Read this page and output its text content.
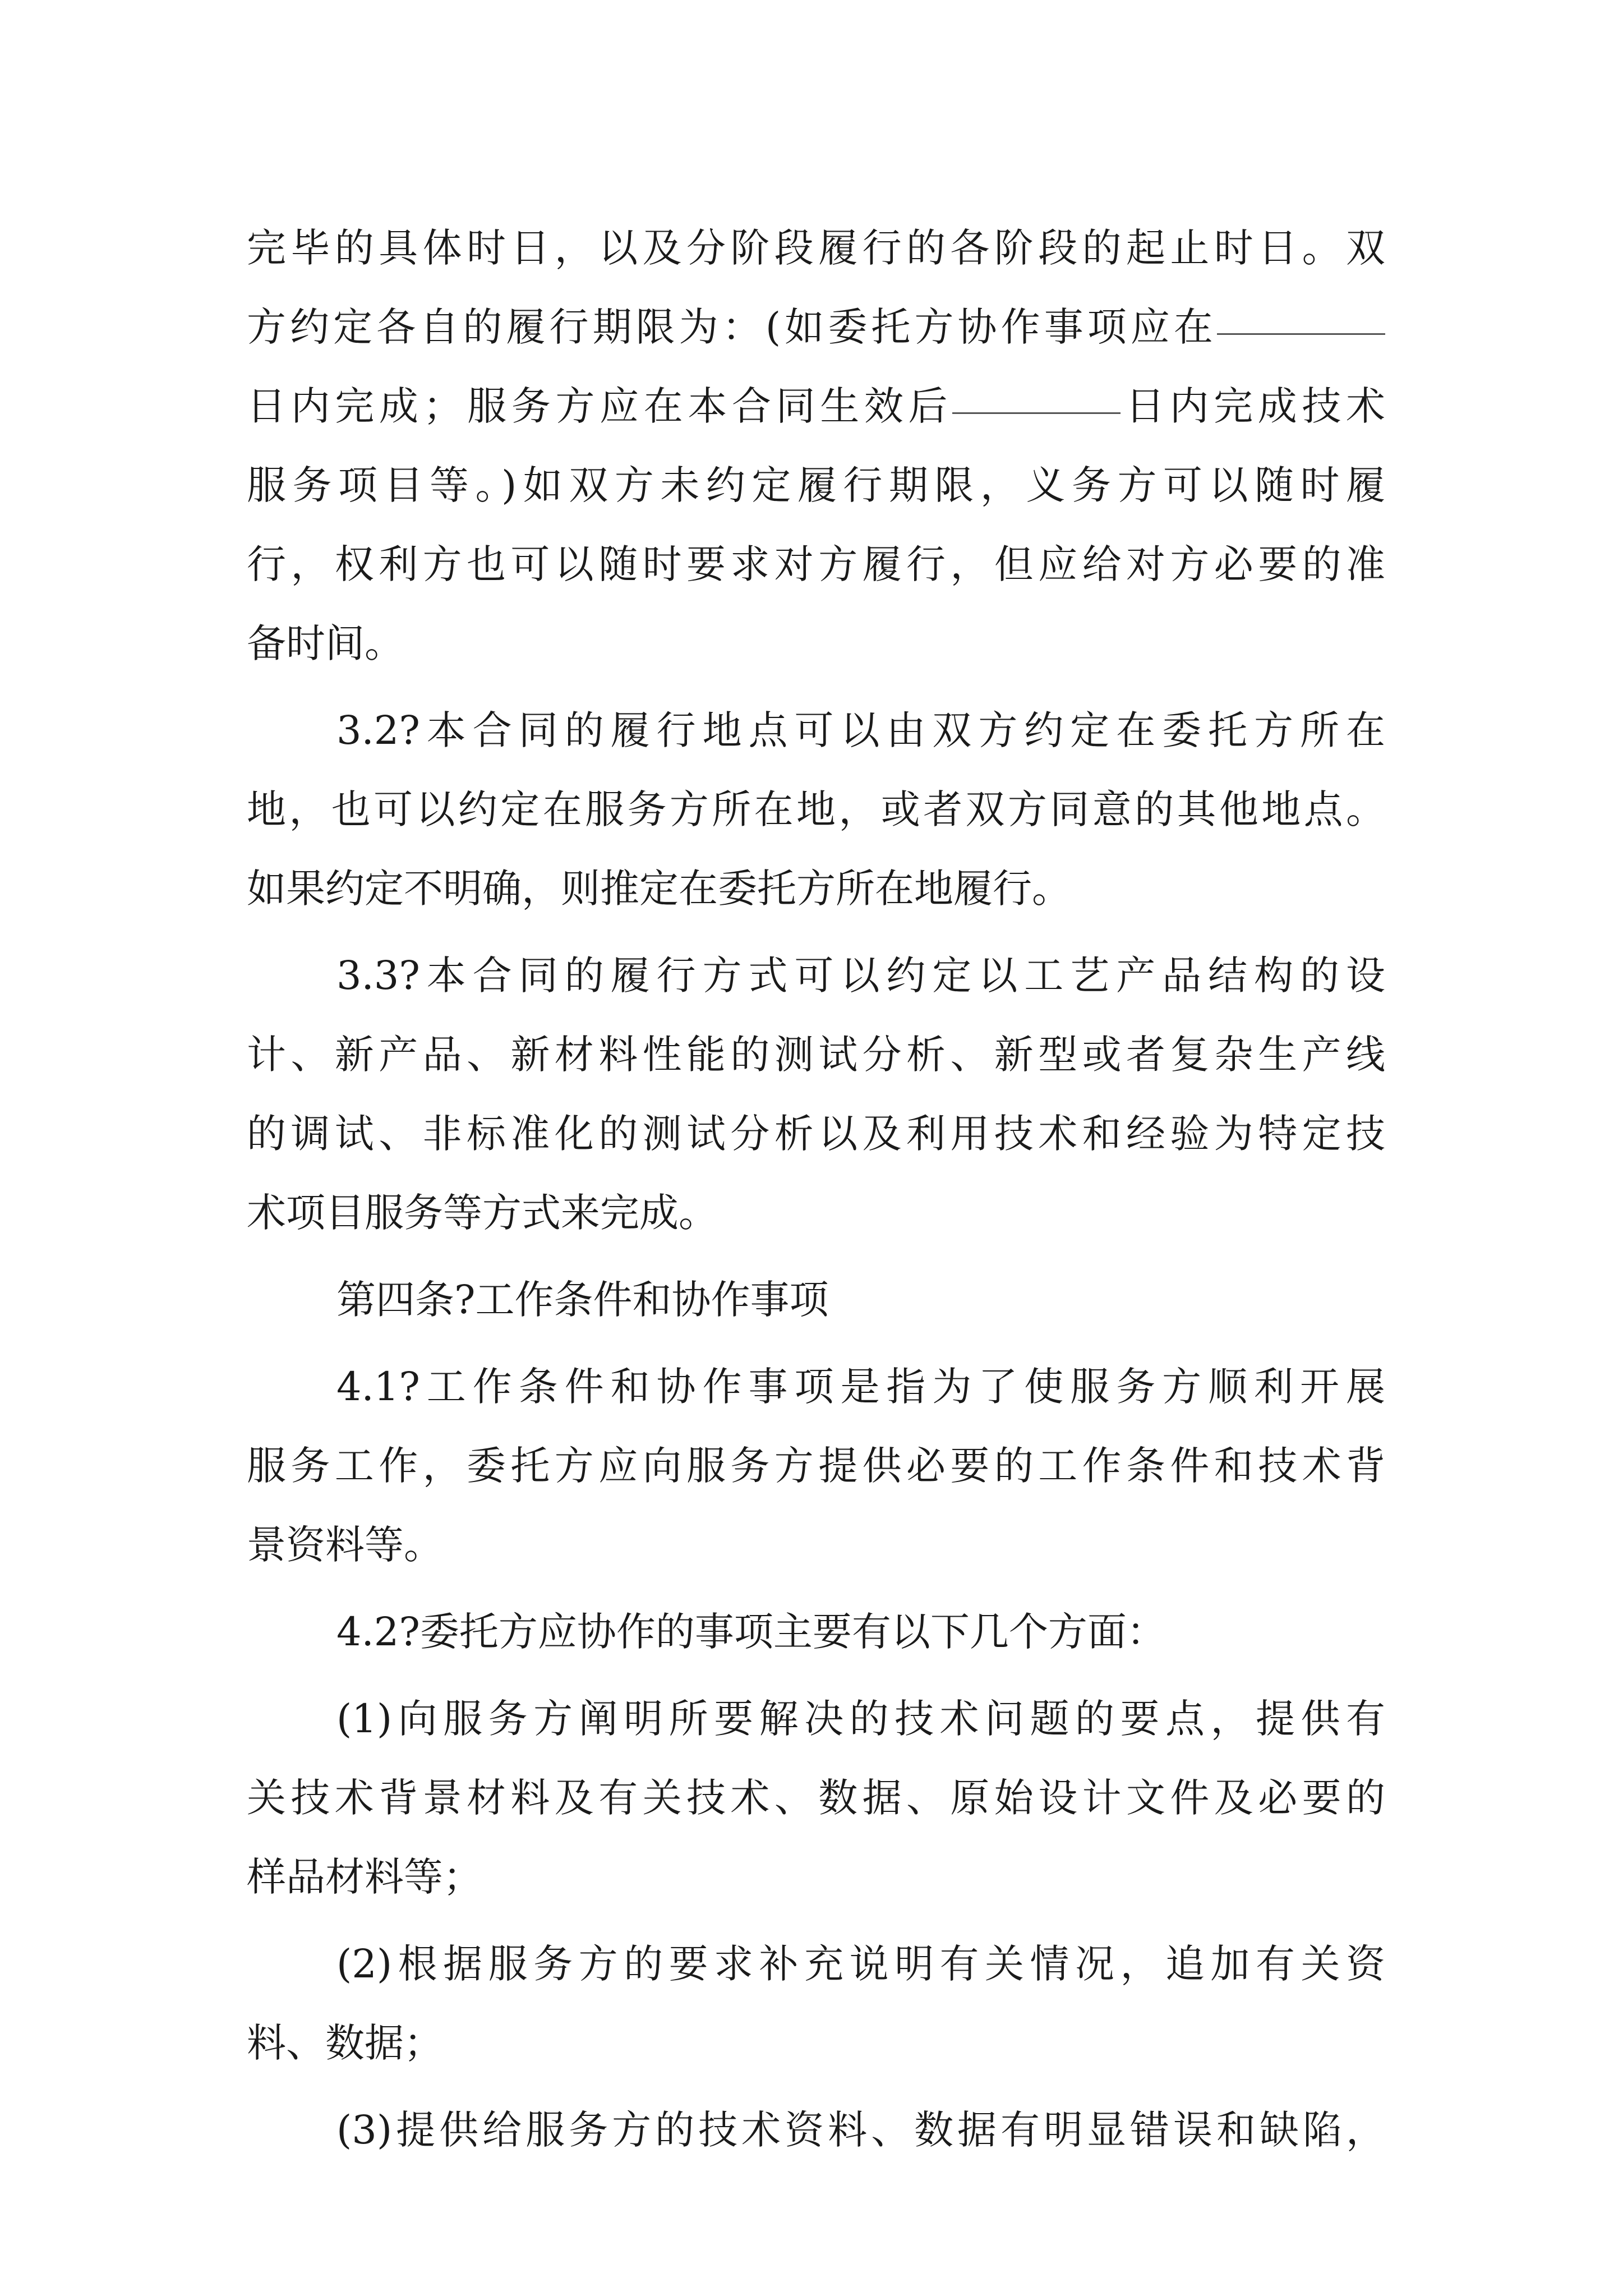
完毕的具体时日，以及分阶段履行的各阶段的起止时日。双
方约定各自的履行期限为：(如委托方协作事项应在
日内完成；服务方应在本合同生效后	日内完成技术
服务项目等。)如双方未约定履行期限，义务方可以随时履
行，权利方也可以随时要求对方履行，但应给对方必要的准
备时间。
3.2?本合同的履行地点可以由双方约定在委托方所在
地，也可以约定在服务方所在地，或者双方同意的其他地点。
如果约定不明确，则推定在委托方所在地履行。
3.3?本合同的履行方式可以约定以工艺产品结构的设
计、新产品、新材料性能的测试分析、新型或者复杂生产线
的调试、非标准化的测试分析以及利用技术和经验为特定技
术项目服务等方式来完成。
第四条?工作条件和协作事项
4.1?工作条件和协作事项是指为了使服务方顺利开展
服务工作，委托方应向服务方提供必要的工作条件和技术背
景资料等。
4.2?委托方应协作的事项主要有以下几个方面：
(1)向服务方阐明所要解决的技术问题的要点，提供有
关技术背景材料及有关技术、数据、原始设计文件及必要的
样品材料等；
(2)根据服务方的要求补充说明有关情况，追加有关资
料、数据；
(3)提供给服务方的技术资料、数据有明显错误和缺陷，
